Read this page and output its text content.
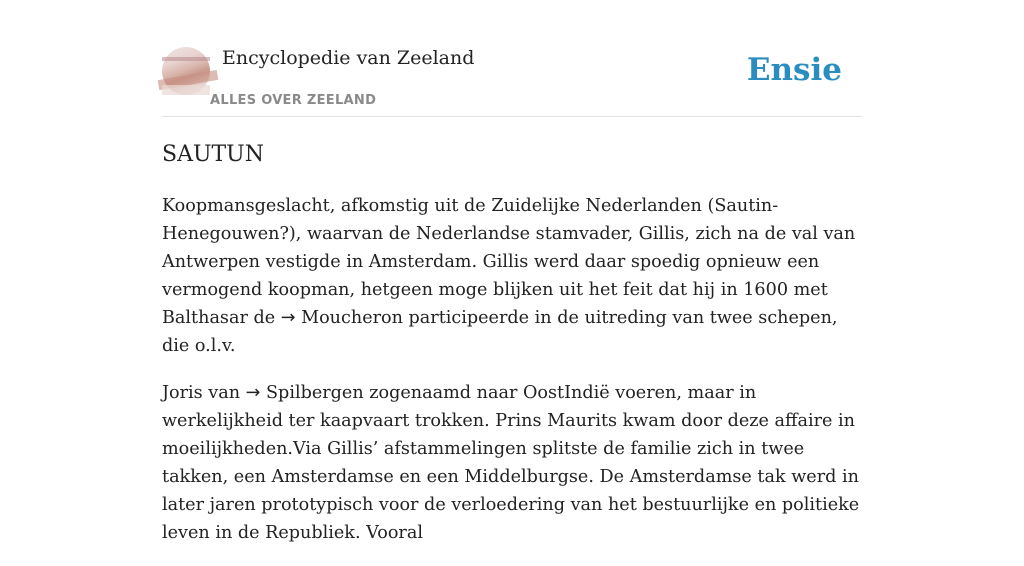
Encyclopedie van Zeeland
ALLES OVER ZEELAND
Ensie
SAUTUN

Koopmansgeslacht, afkomstig uit de Zuidelijke Nederlanden (Sautin-Henegouwen?), waarvan de Nederlandse stamvader, Gillis, zich na de val van Antwerpen vestigde in Amsterdam. Gillis werd daar spoedig opnieuw een vermogend koopman, hetgeen moge blijken uit het feit dat hij in 1600 met Balthasar de → Moucheron participeerde in de uitreding van twee schepen, die o.l.v.

Joris van → Spilbergen zogenaamd naar OostIndië voeren, maar in werkelijkheid ter kaapvaart trokken. Prins Maurits kwam door deze affaire in moeilijkheden.Via Gillis’ afstammelingen splitste de familie zich in twee takken, een Amsterdamse en een Middelburgse. De Amsterdamse tak werd in later jaren prototypisch voor de verloedering van het bestuurlijke en politieke leven in de Republiek. Vooral
